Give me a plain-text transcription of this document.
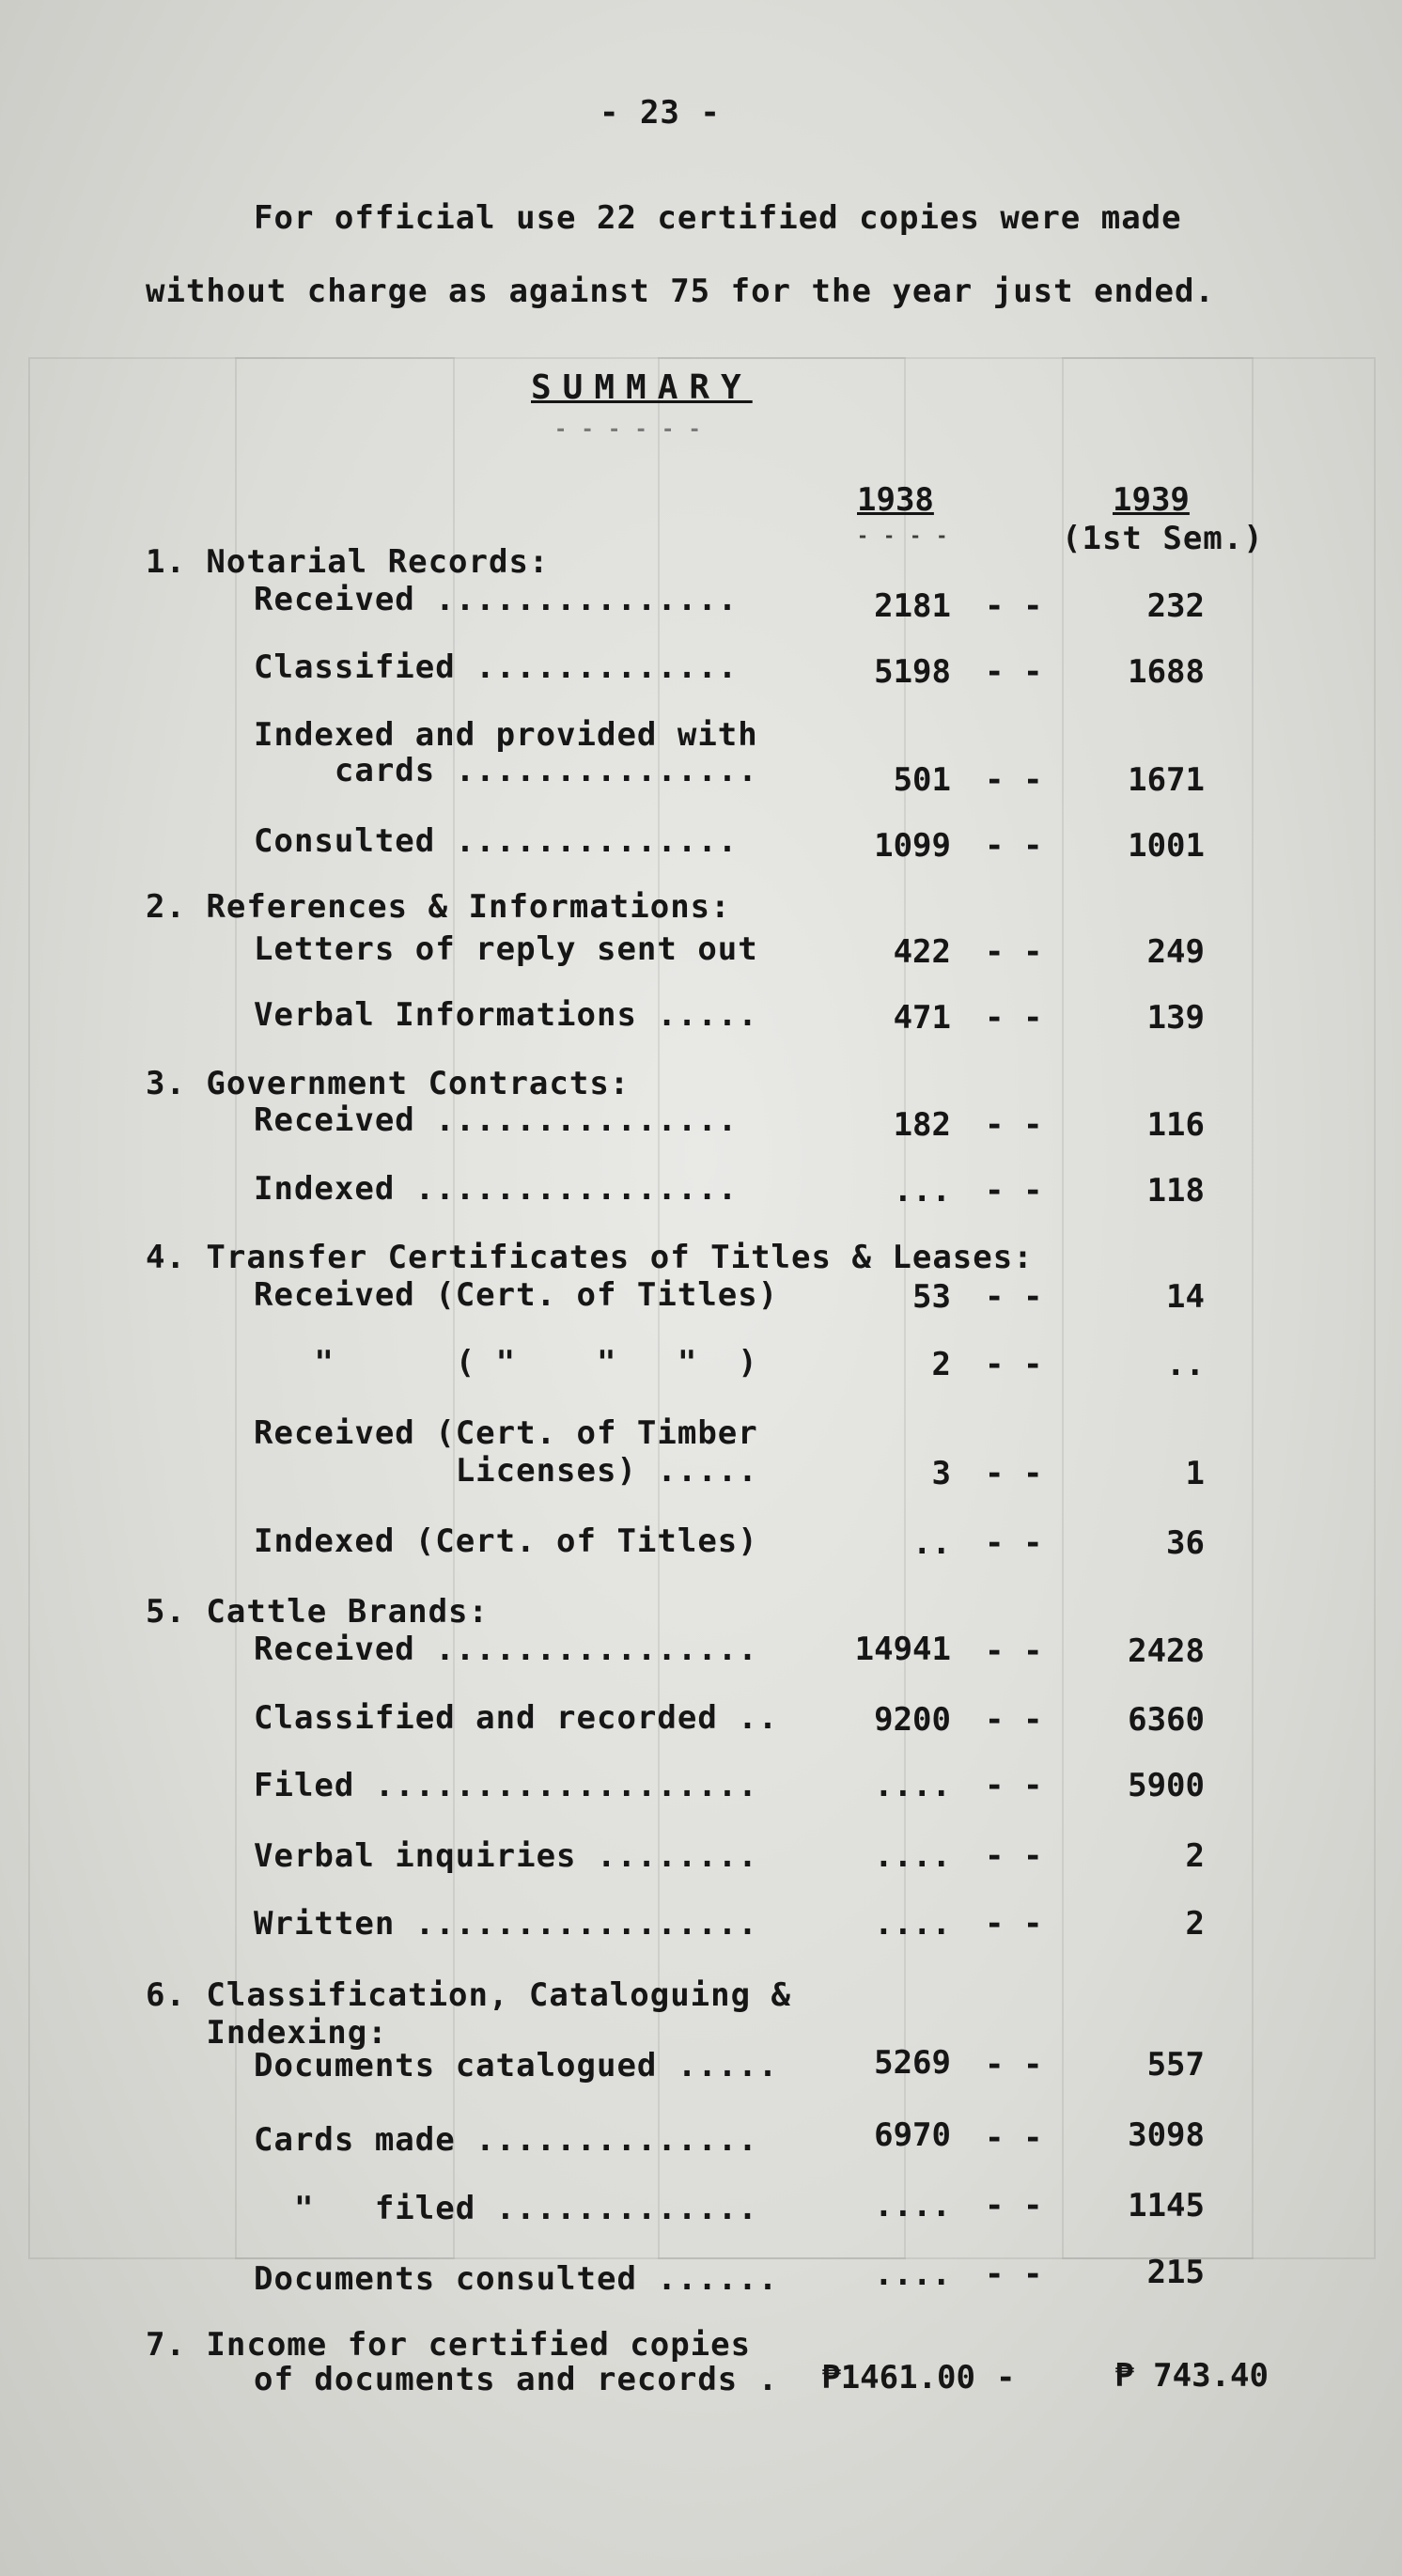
- 23 -
For official use 22 certified copies were made
without charge as against 75 for the year just ended.
SUMMARY
- - - - - -
1938
- - - -
1939
(1st Sem.)
1. Notarial Records:
Received ...............	2181 - -	232
Classified .............	5198 - -	1688
Indexed and provided with
cards ...............	501 - -	1671
Consulted ..............	1099 - -	1001
2. References & Informations:
Letters of reply sent out	422 - -	249
Verbal Informations .....	471 - -	139
3. Government Contracts:
Received ...............	182 - -	116
Indexed ................	... - -	118
4. Transfer Certificates of Titles & Leases:
Received (Cert. of Titles)	53 - -	14
"      ( "    "   "  )	2 - -	..
Received (Cert. of Timber
Licenses) .....	3 - -	1
Indexed (Cert. of Titles)	.. - -	36
5. Cattle Brands:
Received ................	14941 - -	2428
Classified and recorded ..	9200 - -	6360
Filed ...................	.... - -	5900
Verbal inquiries ........	.... - -	2
Written .................	.... - -	2
6. Classification, Cataloguing &
Indexing:
Documents catalogued .....	5269 - -	557
Cards made ..............	6970 - -	3098
"   filed .............	.... - -	1145
Documents consulted ......	.... - -	215
7. Income for certified copies
of documents and records .	₱1461.00 -	₱ 743.40
